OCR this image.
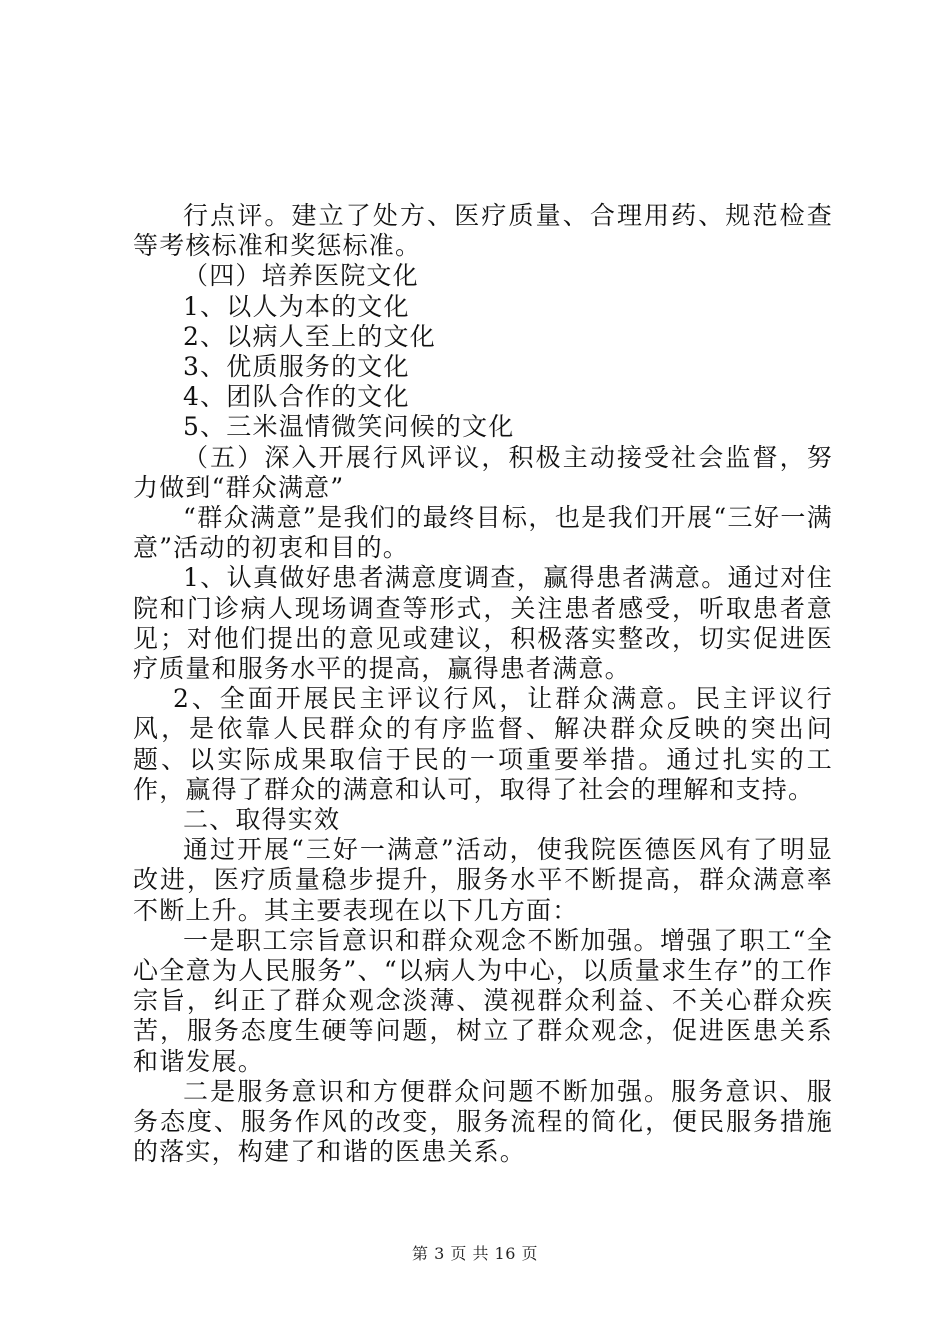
行点评。建立了处方、医疗质量、合理用药、规范检查等考核标准和奖惩标准。

（四）培养医院文化

1、以人为本的文化

2、以病人至上的文化

3、优质服务的文化

4、团队合作的文化

5、三米温情微笑问候的文化

（五）深入开展行风评议，积极主动接受社会监督，努力做到“群众满意”

“群众满意”是我们的最终目标，也是我们开展“三好一满意”活动的初衷和目的。

1、认真做好患者满意度调查，赢得患者满意。通过对住院和门诊病人现场调查等形式，关注患者感受，听取患者意见；对他们提出的意见或建议，积极落实整改，切实促进医疗质量和服务水平的提高，赢得患者满意。

2、全面开展民主评议行风，让群众满意。民主评议行风，是依靠人民群众的有序监督、解决群众反映的突出问题、以实际成果取信于民的一项重要举措。通过扎实的工作，赢得了群众的满意和认可，取得了社会的理解和支持。

二、取得实效

通过开展“三好一满意”活动，使我院医德医风有了明显改进，医疗质量稳步提升，服务水平不断提高，群众满意率不断上升。其主要表现在以下几方面：

一是职工宗旨意识和群众观念不断加强。增强了职工“全心全意为人民服务”、“以病人为中心，以质量求生存”的工作宗旨，纠正了群众观念淡薄、漠视群众利益、不关心群众疾苦，服务态度生硬等问题，树立了群众观念，促进医患关系和谐发展。

二是服务意识和方便群众问题不断加强。服务意识、服务态度、服务作风的改变，服务流程的简化，便民服务措施的落实，构建了和谐的医患关系。

第 3 页 共 16 页
